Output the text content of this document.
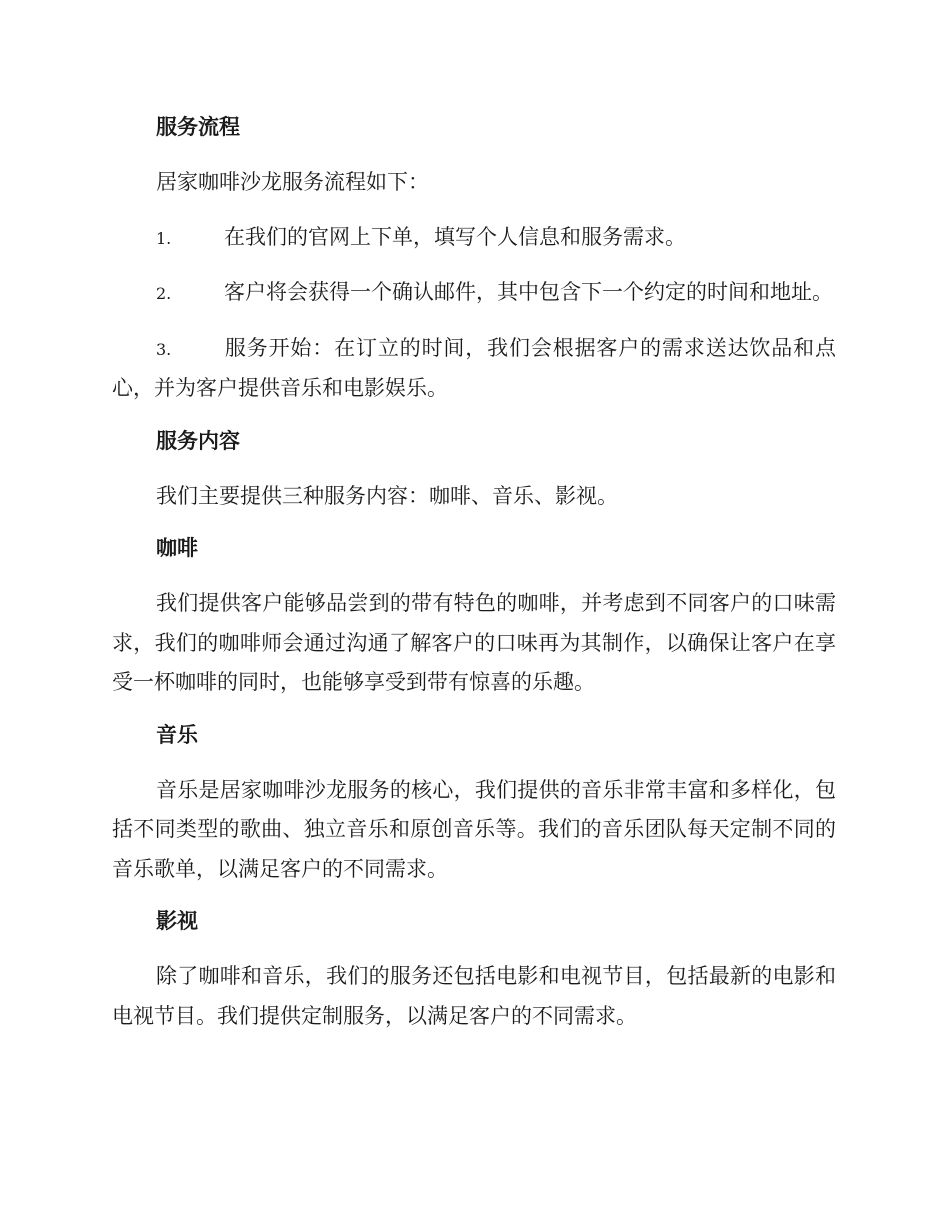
服务流程

居家咖啡沙龙服务流程如下：

1.	在我们的官网上下单，填写个人信息和服务需求。

2.	客户将会获得一个确认邮件，其中包含下一个约定的时间和地址。

3.	服务开始：在订立的时间，我们会根据客户的需求送达饮品和点心，并为客户提供音乐和电影娱乐。

服务内容

我们主要提供三种服务内容：咖啡、音乐、影视。

咖啡

我们提供客户能够品尝到的带有特色的咖啡，并考虑到不同客户的口味需求，我们的咖啡师会通过沟通了解客户的口味再为其制作，以确保让客户在享受一杯咖啡的同时，也能够享受到带有惊喜的乐趣。

音乐

音乐是居家咖啡沙龙服务的核心，我们提供的音乐非常丰富和多样化，包括不同类型的歌曲、独立音乐和原创音乐等。我们的音乐团队每天定制不同的音乐歌单，以满足客户的不同需求。

影视

除了咖啡和音乐，我们的服务还包括电影和电视节目，包括最新的电影和电视节目。我们提供定制服务，以满足客户的不同需求。
